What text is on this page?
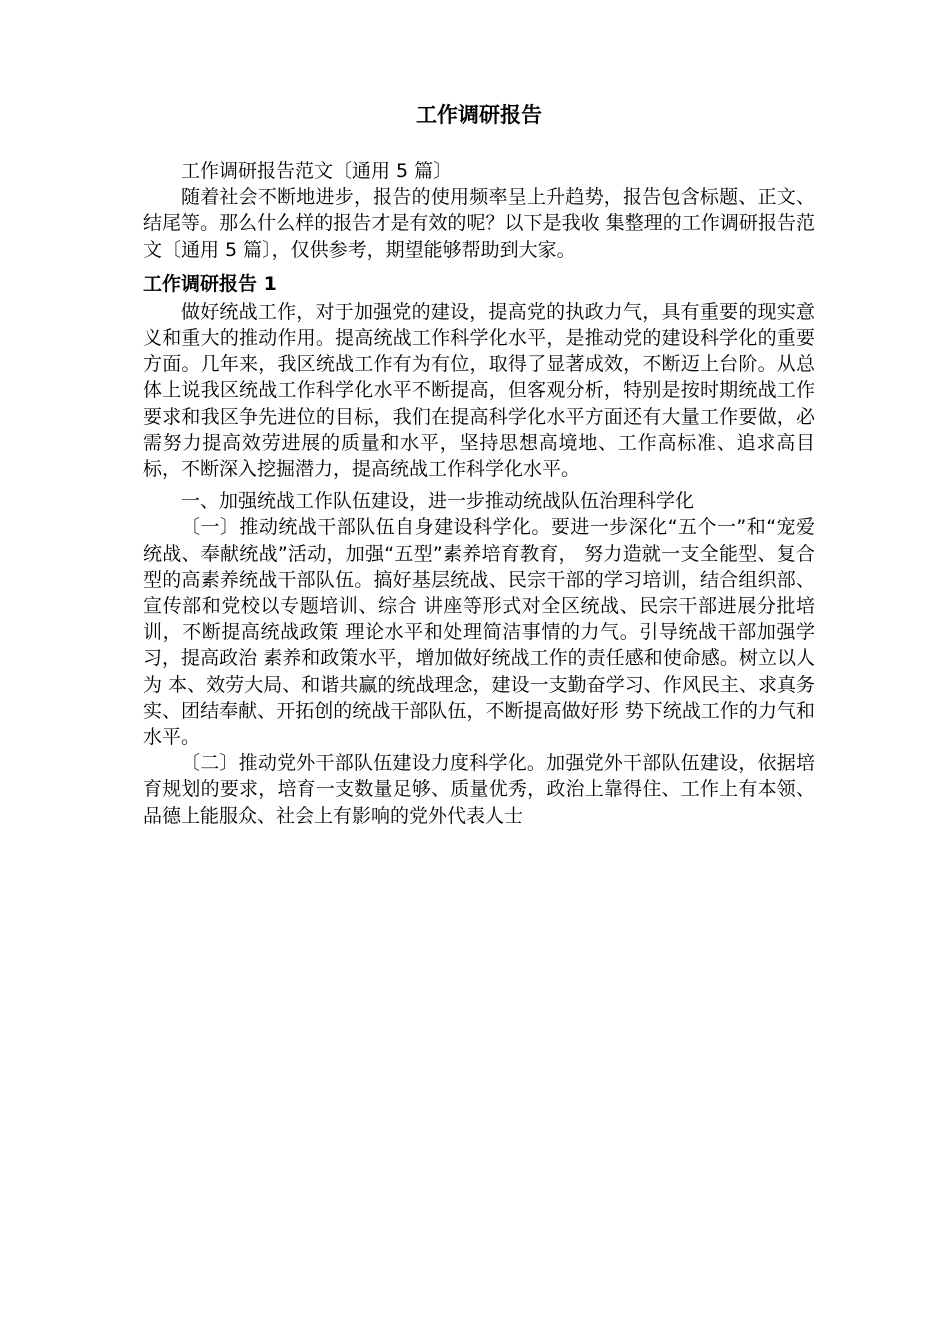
工作调研报告

工作调研报告范文〔通用 5 篇〕

随着社会不断地进步，报告的使用频率呈上升趋势，报告包含标题、正文、结尾等。那么什么样的报告才是有效的呢？以下是我收 集整理的工作调研报告范文〔通用 5 篇〕，仅供参考，期望能够帮助到大家。

工作调研报告 1

做好统战工作，对于加强党的建设，提高党的执政力气，具有重要的现实意义和重大的推动作用。提高统战工作科学化水平，是推动党的建设科学化的重要方面。几年来，我区统战工作有为有位，取得了显著成效，不断迈上台阶。从总体上说我区统战工作科学化水平不断提高，但客观分析，特别是按时期统战工作要求和我区争先进位的目标，我们在提高科学化水平方面还有大量工作要做，必需努力提高效劳进展的质量和水平，坚持思想高境地、工作高标准、追求高目标，不断深入挖掘潜力，提高统战工作科学化水平。

一、加强统战工作队伍建设，进一步推动统战队伍治理科学化

〔一〕推动统战干部队伍自身建设科学化。要进一步深化“五个一”和“宠爱统战、奉献统战”活动，加强“五型”素养培育教育， 努力造就一支全能型、复合型的高素养统战干部队伍。搞好基层统战、民宗干部的学习培训，结合组织部、宣传部和党校以专题培训、综合 讲座等形式对全区统战、民宗干部进展分批培训，不断提高统战政策 理论水平和处理简洁事情的力气。引导统战干部加强学习，提高政治 素养和政策水平，增加做好统战工作的责任感和使命感。树立以人为 本、效劳大局、和谐共赢的统战理念，建设一支勤奋学习、作风民主、求真务实、团结奉献、开拓创的统战干部队伍，不断提高做好形 势下统战工作的力气和水平。

〔二〕推动党外干部队伍建设力度科学化。加强党外干部队伍建设，依据培育规划的要求，培育一支数量足够、质量优秀，政治上靠得住、工作上有本领、品德上能服众、社会上有影响的党外代表人士
